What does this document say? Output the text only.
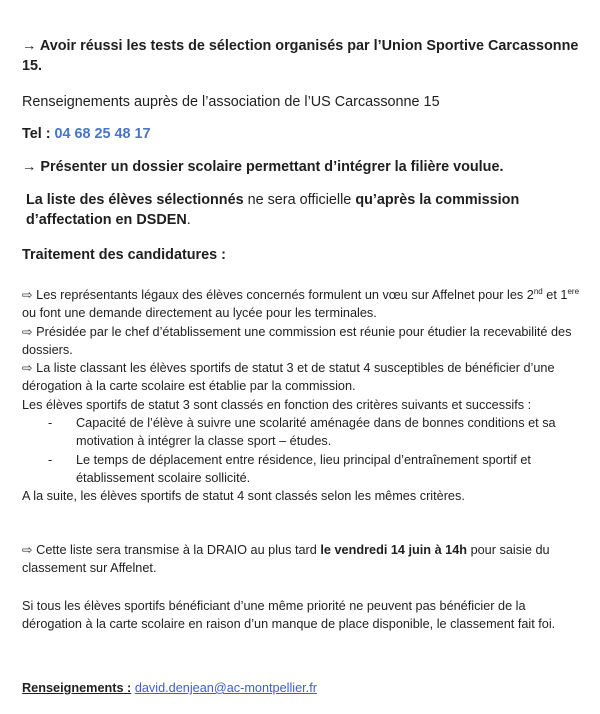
→ Avoir réussi les tests de sélection organisés par l’Union Sportive Carcassonne 15.
Renseignements auprès de l’association de l’US Carcassonne 15
Tel : 04 68 25 48 17
→ Présenter un dossier scolaire permettant d’intégrer la filière voulue.
La liste des élèves sélectionnés ne sera officielle qu’après la commission d’affectation en DSDEN.
Traitement des candidatures :
⇨ Les représentants légaux des élèves concernés formulent un vœu sur Affelnet pour les 2nd et 1ere ou font une demande directement au lycée pour les terminales.
⇨ Présidée par le chef d’établissement une commission est réunie pour étudier la recevabilité des dossiers.
⇨ La liste classant les élèves sportifs de statut 3 et de statut 4 susceptibles de bénéficier d’une dérogation à la carte scolaire est établie par la commission.
Les élèves sportifs de statut 3 sont classés en fonction des critères suivants et successifs :
- Capacité de l’élève à suivre une scolarité aménagée dans de bonnes conditions et sa motivation à intégrer la classe sport – études.
- Le temps de déplacement entre résidence, lieu principal d’entraînement sportif et établissement scolaire sollicité.
A la suite, les élèves sportifs de statut 4 sont classés selon les mêmes critères.
⇨ Cette liste sera transmise à la DRAIO au plus tard le vendredi 14 juin à 14h pour saisie du classement sur Affelnet.
Si tous les élèves sportifs bénéficiant d’une même priorité ne peuvent pas bénéficier de la dérogation à la carte scolaire en raison d’un manque de place disponible, le classement fait foi.
Renseignements : david.denjean@ac-montpellier.fr
